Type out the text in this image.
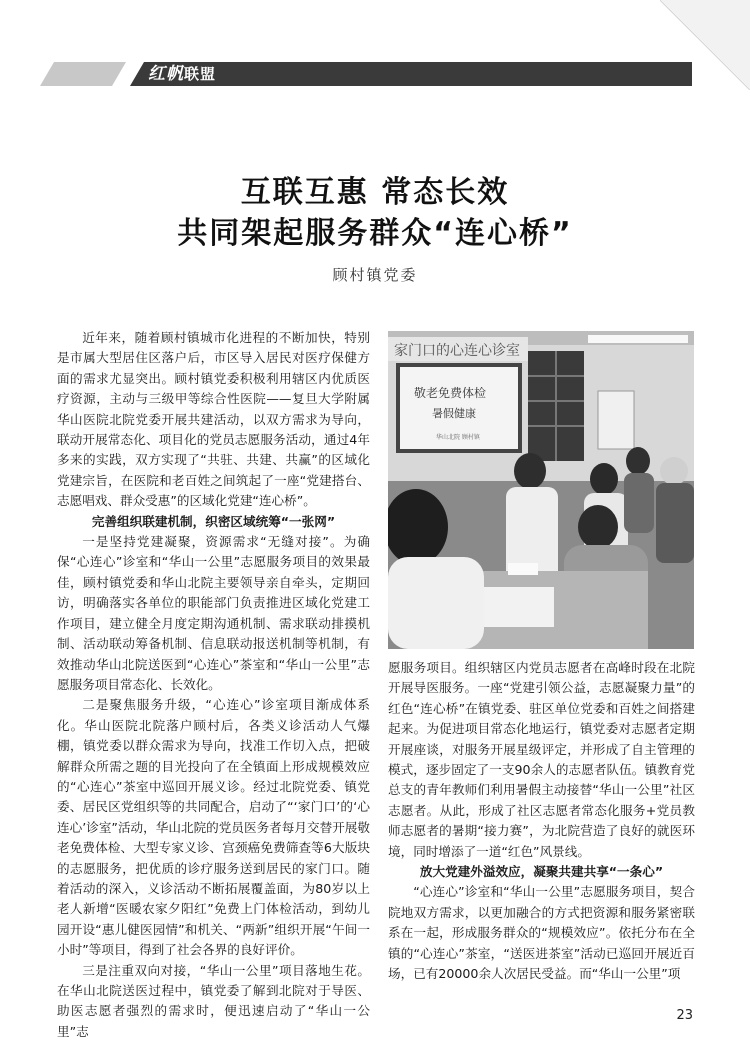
红帆联盟
互联互惠 常态长效
共同架起服务群众“连心桥”
顾村镇党委

近年来，随着顾村镇城市化进程的不断加快，特别是市属大型居住区落户后，市区导入居民对医疗保健方面的需求尤显突出。顾村镇党委积极利用辖区内优质医疗资源，主动与三级甲等综合性医院——复旦大学附属华山医院北院党委开展共建活动，以双方需求为导向，联动开展常态化、项目化的党员志愿服务活动，通过4年多来的实践，双方实现了“共驻、共建、共赢”的区域化党建宗旨，在医院和老百姓之间筑起了一座“党建搭台、志愿唱戏、群众受惠”的区域化党建“连心桥”。

完善组织联建机制，织密区域统筹“一张网”

一是坚持党建凝聚，资源需求“无缝对接”。为确保“心连心”诊室和“华山一公里”志愿服务项目的效果最佳，顾村镇党委和华山北院主要领导亲自牵头，定期回访，明确落实各单位的职能部门负责推进区域化党建工作项目，建立健全月度定期沟通机制、需求联动排摸机制、活动联动筹备机制、信息联动报送机制等机制，有效推动华山北院送医到“心连心”茶室和“华山一公里”志愿服务项目常态化、长效化。

二是聚焦服务升级，“心连心”诊室项目渐成体系化。华山医院北院落户顾村后，各类义诊活动人气爆棚，镇党委以群众需求为导向，找准工作切入点，把破解群众所需之题的目光投向了在全镇面上形成规模效应的“心连心”茶室中巡回开展义诊。经过北院党委、镇党委、居民区党组织等的共同配合，启动了“‘家门口’的‘心连心’诊室”活动，华山北院的党员医务者每月交替开展敬老免费体检、大型专家义诊、宫颈癌免费筛查等6大版块的志愿服务，把优质的诊疗服务送到居民的家门口。随着活动的深入，义诊活动不断拓展覆盖面，为80岁以上老人新增“医暖农家夕阳红”免费上门体检活动，到幼儿园开设“惠儿健医园情”和机关、“两新”组织开展“午间一小时”等项目，得到了社会各界的良好评价。

三是注重双向对接，“华山一公里”项目落地生花。在华山北院送医过程中，镇党委了解到北院对于导医、助医志愿者强烈的需求时，便迅速启动了“华山一公里”志

家门口的心连心诊室
敬老免费体检
暑假健康
华山北院 顾村镇

愿服务项目。组织辖区内党员志愿者在高峰时段在北院开展导医服务。一座“党建引领公益，志愿凝聚力量”的红色“连心桥”在镇党委、驻区单位党委和百姓之间搭建起来。为促进项目常态化地运行，镇党委对志愿者定期开展座谈，对服务开展星级评定，并形成了自主管理的模式，逐步固定了一支90余人的志愿者队伍。镇教育党总支的青年教师们利用暑假主动接替“华山一公里”社区志愿者。从此，形成了社区志愿者常态化服务+党员教师志愿者的暑期“接力赛”，为北院营造了良好的就医环境，同时增添了一道“红色”风景线。

放大党建外溢效应，凝聚共建共享“一条心”

“心连心”诊室和“华山一公里”志愿服务项目，契合院地双方需求，以更加融合的方式把资源和服务紧密联系在一起，形成服务群众的“规模效应”。依托分布在全镇的“心连心”茶室，“送医进茶室”活动已巡回开展近百场，已有20000余人次居民受益。而“华山一公里”项

23
